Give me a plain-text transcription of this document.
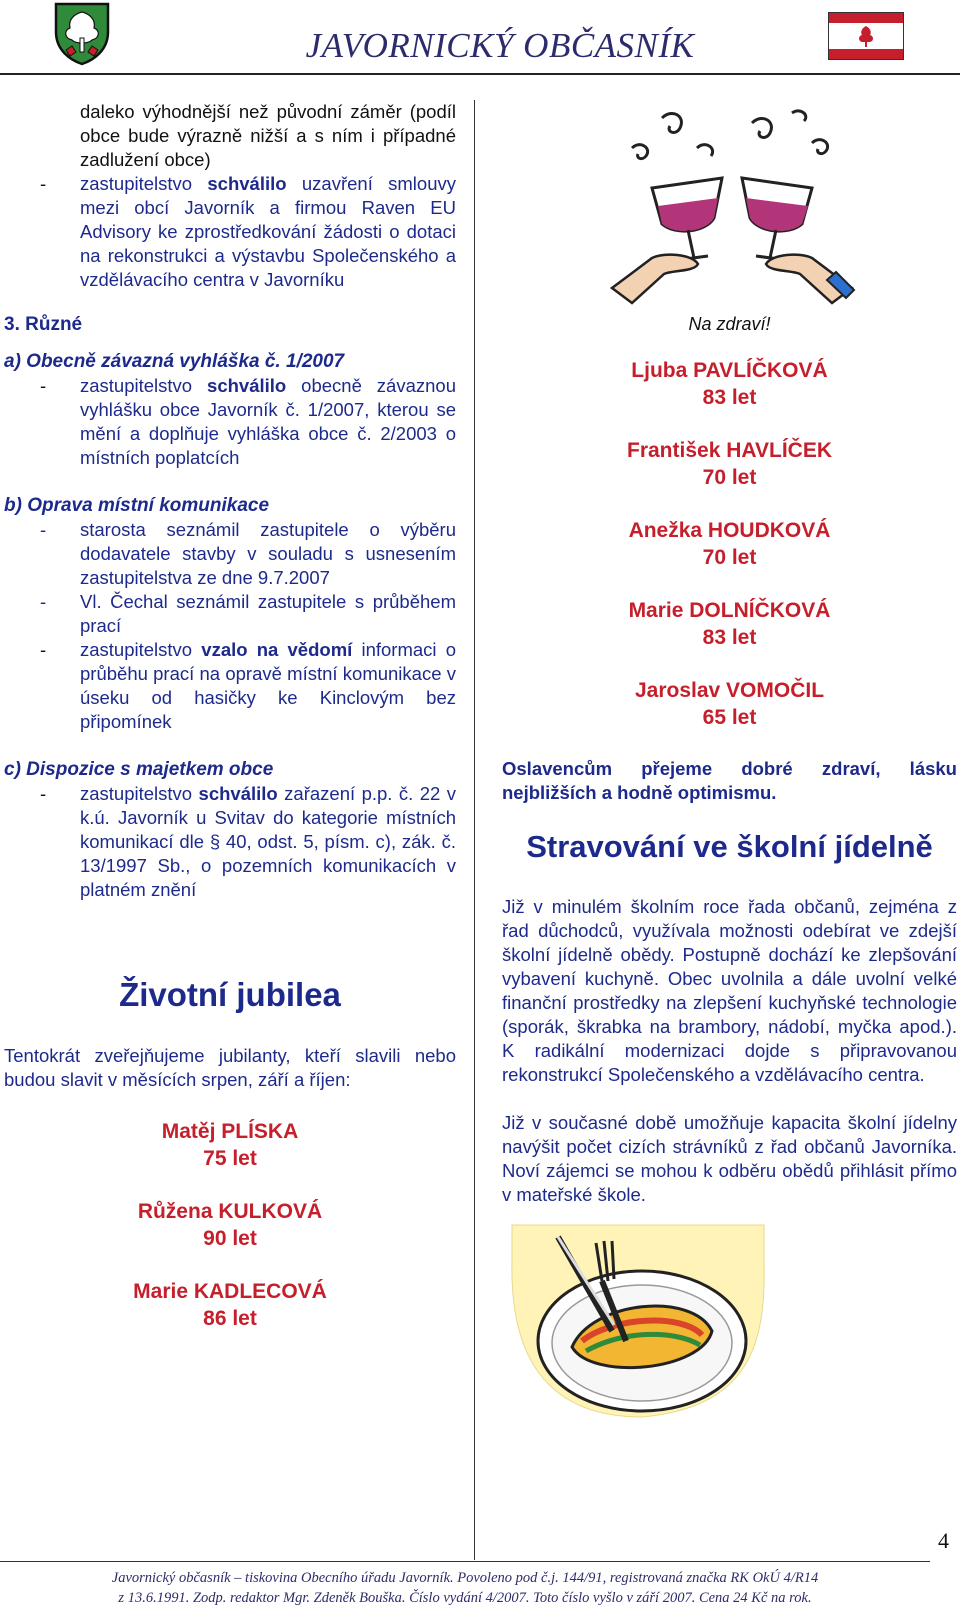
JAVORNICKÝ OBČASNÍK

daleko výhodnější než původní záměr (podíl obce bude výrazně nižší a s ním i případné zadlužení obce)

- zastupitelstvo schválilo uzavření smlouvy mezi obcí Javorník a firmou Raven EU Advisory ke zprostředkování žádosti o dotaci na rekonstrukci a výstavbu Společenského a vzdělávacího centra v Javorníku

3. Různé

a) Obecně závazná vyhláška č. 1/2007

- zastupitelstvo schválilo obecně závaznou vyhlášku obce Javorník č. 1/2007, kterou se mění a doplňuje vyhláška obce č. 2/2003 o místních poplatcích

b) Oprava místní komunikace

- starosta seznámil zastupitele o výběru dodavatele stavby v souladu s usnesením zastupitelstva ze dne 9.7.2007

- Vl. Čechal seznámil zastupitele s průběhem prací

- zastupitelstvo vzalo na vědomí informaci o průběhu prací na opravě místní komunikace v úseku od hasičky ke Kinclovým bez připomínek

c) Dispozice s majetkem obce

- zastupitelstvo schválilo zařazení p.p. č. 22 v k.ú. Javorník u Svitav do kategorie místních komunikací dle § 40, odst. 5, písm. c), zák. č. 13/1997 Sb., o pozemních komunikacích v platném znění

Životní jubilea

Tentokrát zveřejňujeme jubilanty, kteří slavili nebo budou slavit v měsících srpen, září a říjen:

Matěj PLÍSKA

75 let

Růžena KULKOVÁ

90 let

Marie KADLECOVÁ

86 let

Na zdraví!

Ljuba PAVLÍČKOVÁ

83 let

František HAVLÍČEK

70 let

Anežka HOUDKOVÁ

70 let

Marie DOLNÍČKOVÁ

83 let

Jaroslav VOMOČIL

65 let

Oslavencům přejeme dobré zdraví, lásku nejbližších a hodně optimismu.

Stravování ve školní jídelně

Již v minulém školním roce řada občanů, zejména z řad důchodců, využívala možnosti odebírat ve zdejší školní jídelně obědy. Postupně dochází ke zlepšování vybavení kuchyně. Obec uvolnila a dále uvolní velké finanční prostředky na zlepšení kuchyňské technologie (sporák, škrabka na brambory, nádobí, myčka apod.). K radikální modernizaci dojde s připravovanou rekonstrukcí Společenského a vzdělávacího centra.

Již v současné době umožňuje kapacita školní jídelny navýšit počet cizích strávníků z řad občanů Javorníka. Noví zájemci se mohou k odběru obědů přihlásit přímo v mateřské škole.

4
Javornický občasník – tiskovina Obecního úřadu Javorník. Povoleno pod č.j. 144/91, registrovaná značka RK OkÚ 4/R14
z 13.6.1991. Zodp. redaktor Mgr. Zdeněk Bouška. Číslo vydání 4/2007. Toto číslo vyšlo v září 2007. Cena 24 Kč na rok.
